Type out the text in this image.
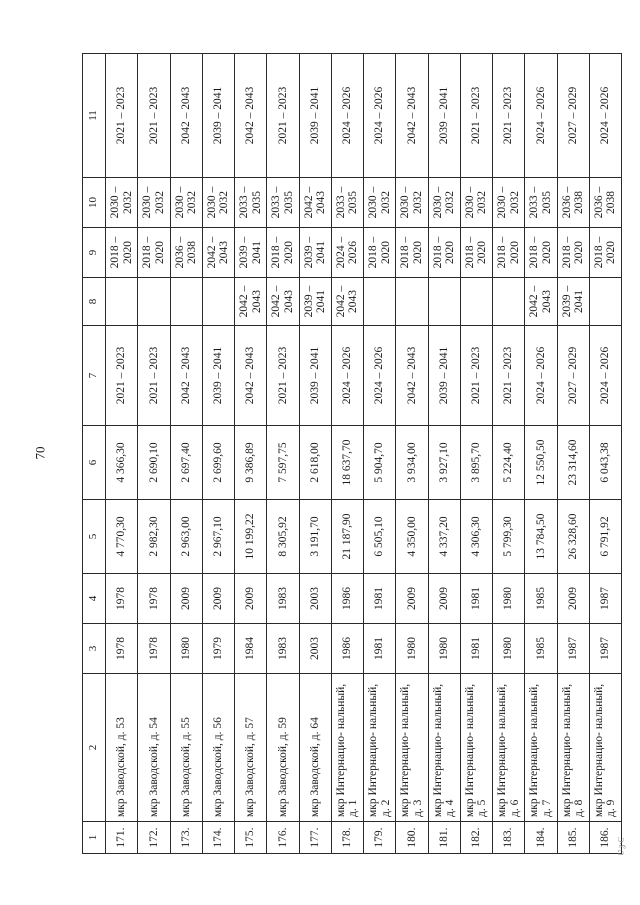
70
1	2	3	4	5	6	7	8	9	10	11
171.	мкр Заводской, д. 53	1978	1978	4 770,30	4 366,30	2021 – 2023		2018 – 2020	2030 – 2032	2021 – 2023
172.	мкр Заводской, д. 54	1978	1978	2 982,30	2 690,10	2021 – 2023		2018 – 2020	2030 – 2032	2021 – 2023
173.	мкр Заводской, д. 55	1980	2009	2 963,00	2 697,40	2042 – 2043		2036 – 2038	2030 – 2032	2042 – 2043
174.	мкр Заводской, д. 56	1979	2009	2 967,10	2 699,60	2039 – 2041		2042 – 2043	2030 – 2032	2039 – 2041
175.	мкр Заводской, д. 57	1984	2009	10 199,22	9 386,89	2042 – 2043	2042 – 2043	2039 – 2041	2033 – 2035	2042 – 2043
176.	мкр Заводской, д. 59	1983	1983	8 305,92	7 597,75	2021 – 2023	2042 – 2043	2018 – 2020	2033 – 2035	2021 – 2023
177.	мкр Заводской, д. 64	2003	2003	3 191,70	2 618,00	2039 – 2041	2039 – 2041	2039 – 2041	2042 – 2043	2039 – 2041
178.	мкр Интернацио- нальный, д. 1	1986	1986	21 187,90	18 637,70	2024 – 2026	2042 – 2043	2024 – 2026	2033 – 2035	2024 – 2026
179.	мкр Интернацио- нальный, д. 2	1981	1981	6 505,10	5 904,70	2024 – 2026		2018 – 2020	2030 – 2032	2024 – 2026
180.	мкр Интернацио- нальный, д. 3	1980	2009	4 350,00	3 934,00	2042 – 2043		2018 – 2020	2030 – 2032	2042 – 2043
181.	мкр Интернацио- нальный, д. 4	1980	2009	4 337,20	3 927,10	2039 – 2041		2018 – 2020	2030 – 2032	2039 – 2041
182.	мкр Интернацио- нальный, д. 5	1981	1981	4 306,30	3 895,70	2021 – 2023		2018 – 2020	2030 – 2032	2021 – 2023
183.	мкр Интернацио- нальный, д. 6	1980	1980	5 799,30	5 224,40	2021 – 2023		2018 – 2020	2030 – 2032	2021 – 2023
184.	мкр Интернацио- нальный, д. 7	1985	1985	13 784,50	12 550,50	2024 – 2026	2042 – 2043	2018 – 2020	2033 – 2035	2024 – 2026
185.	мкр Интернацио- нальный, д. 8	1987	2009	26 328,60	23 314,60	2027 – 2029	2039 – 2041	2018 – 2020	2036 – 2038	2027 – 2029
186.	мкр Интернацио- нальный, д. 9	1987	1987	6 791,92	6 043,38	2024 – 2026		2018 – 2020	2036 – 2038	2024 – 2026
Ʋ ʓ·Ϲ
